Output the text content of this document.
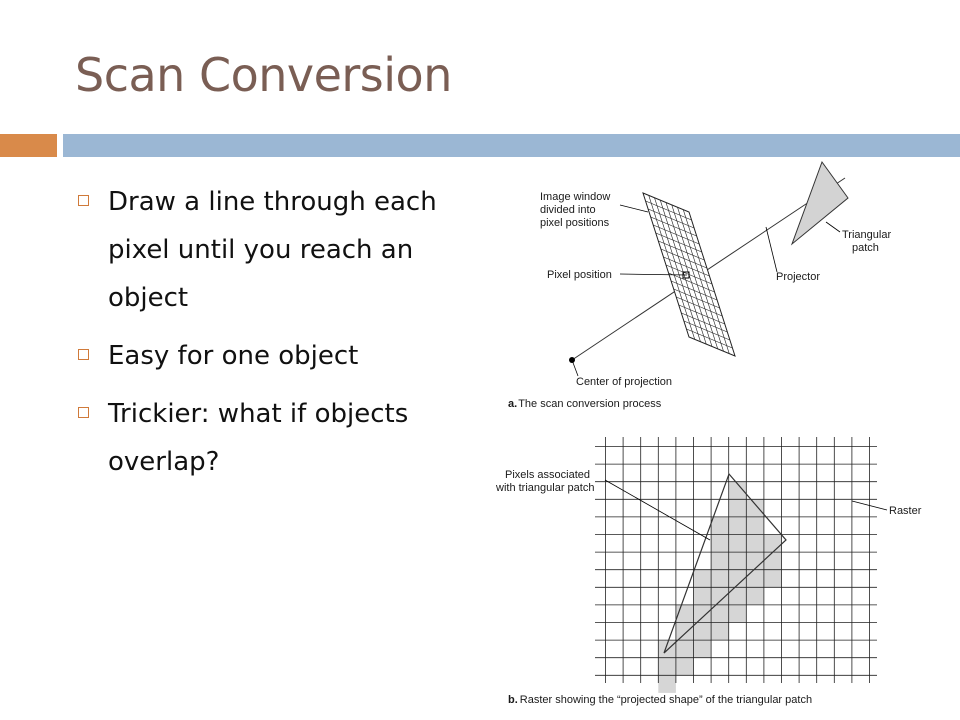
Scan Conversion
Draw a line through each pixel until you reach an object
Easy for one object
Trickier: what if objects overlap?
Image window divided into pixel positions
Pixel position	Projector
Triangular patch
Center of projection
a.The scan conversion process
Pixels associated with triangular patch
Raster
b. Raster showing the “projected shape” of the triangular patch
